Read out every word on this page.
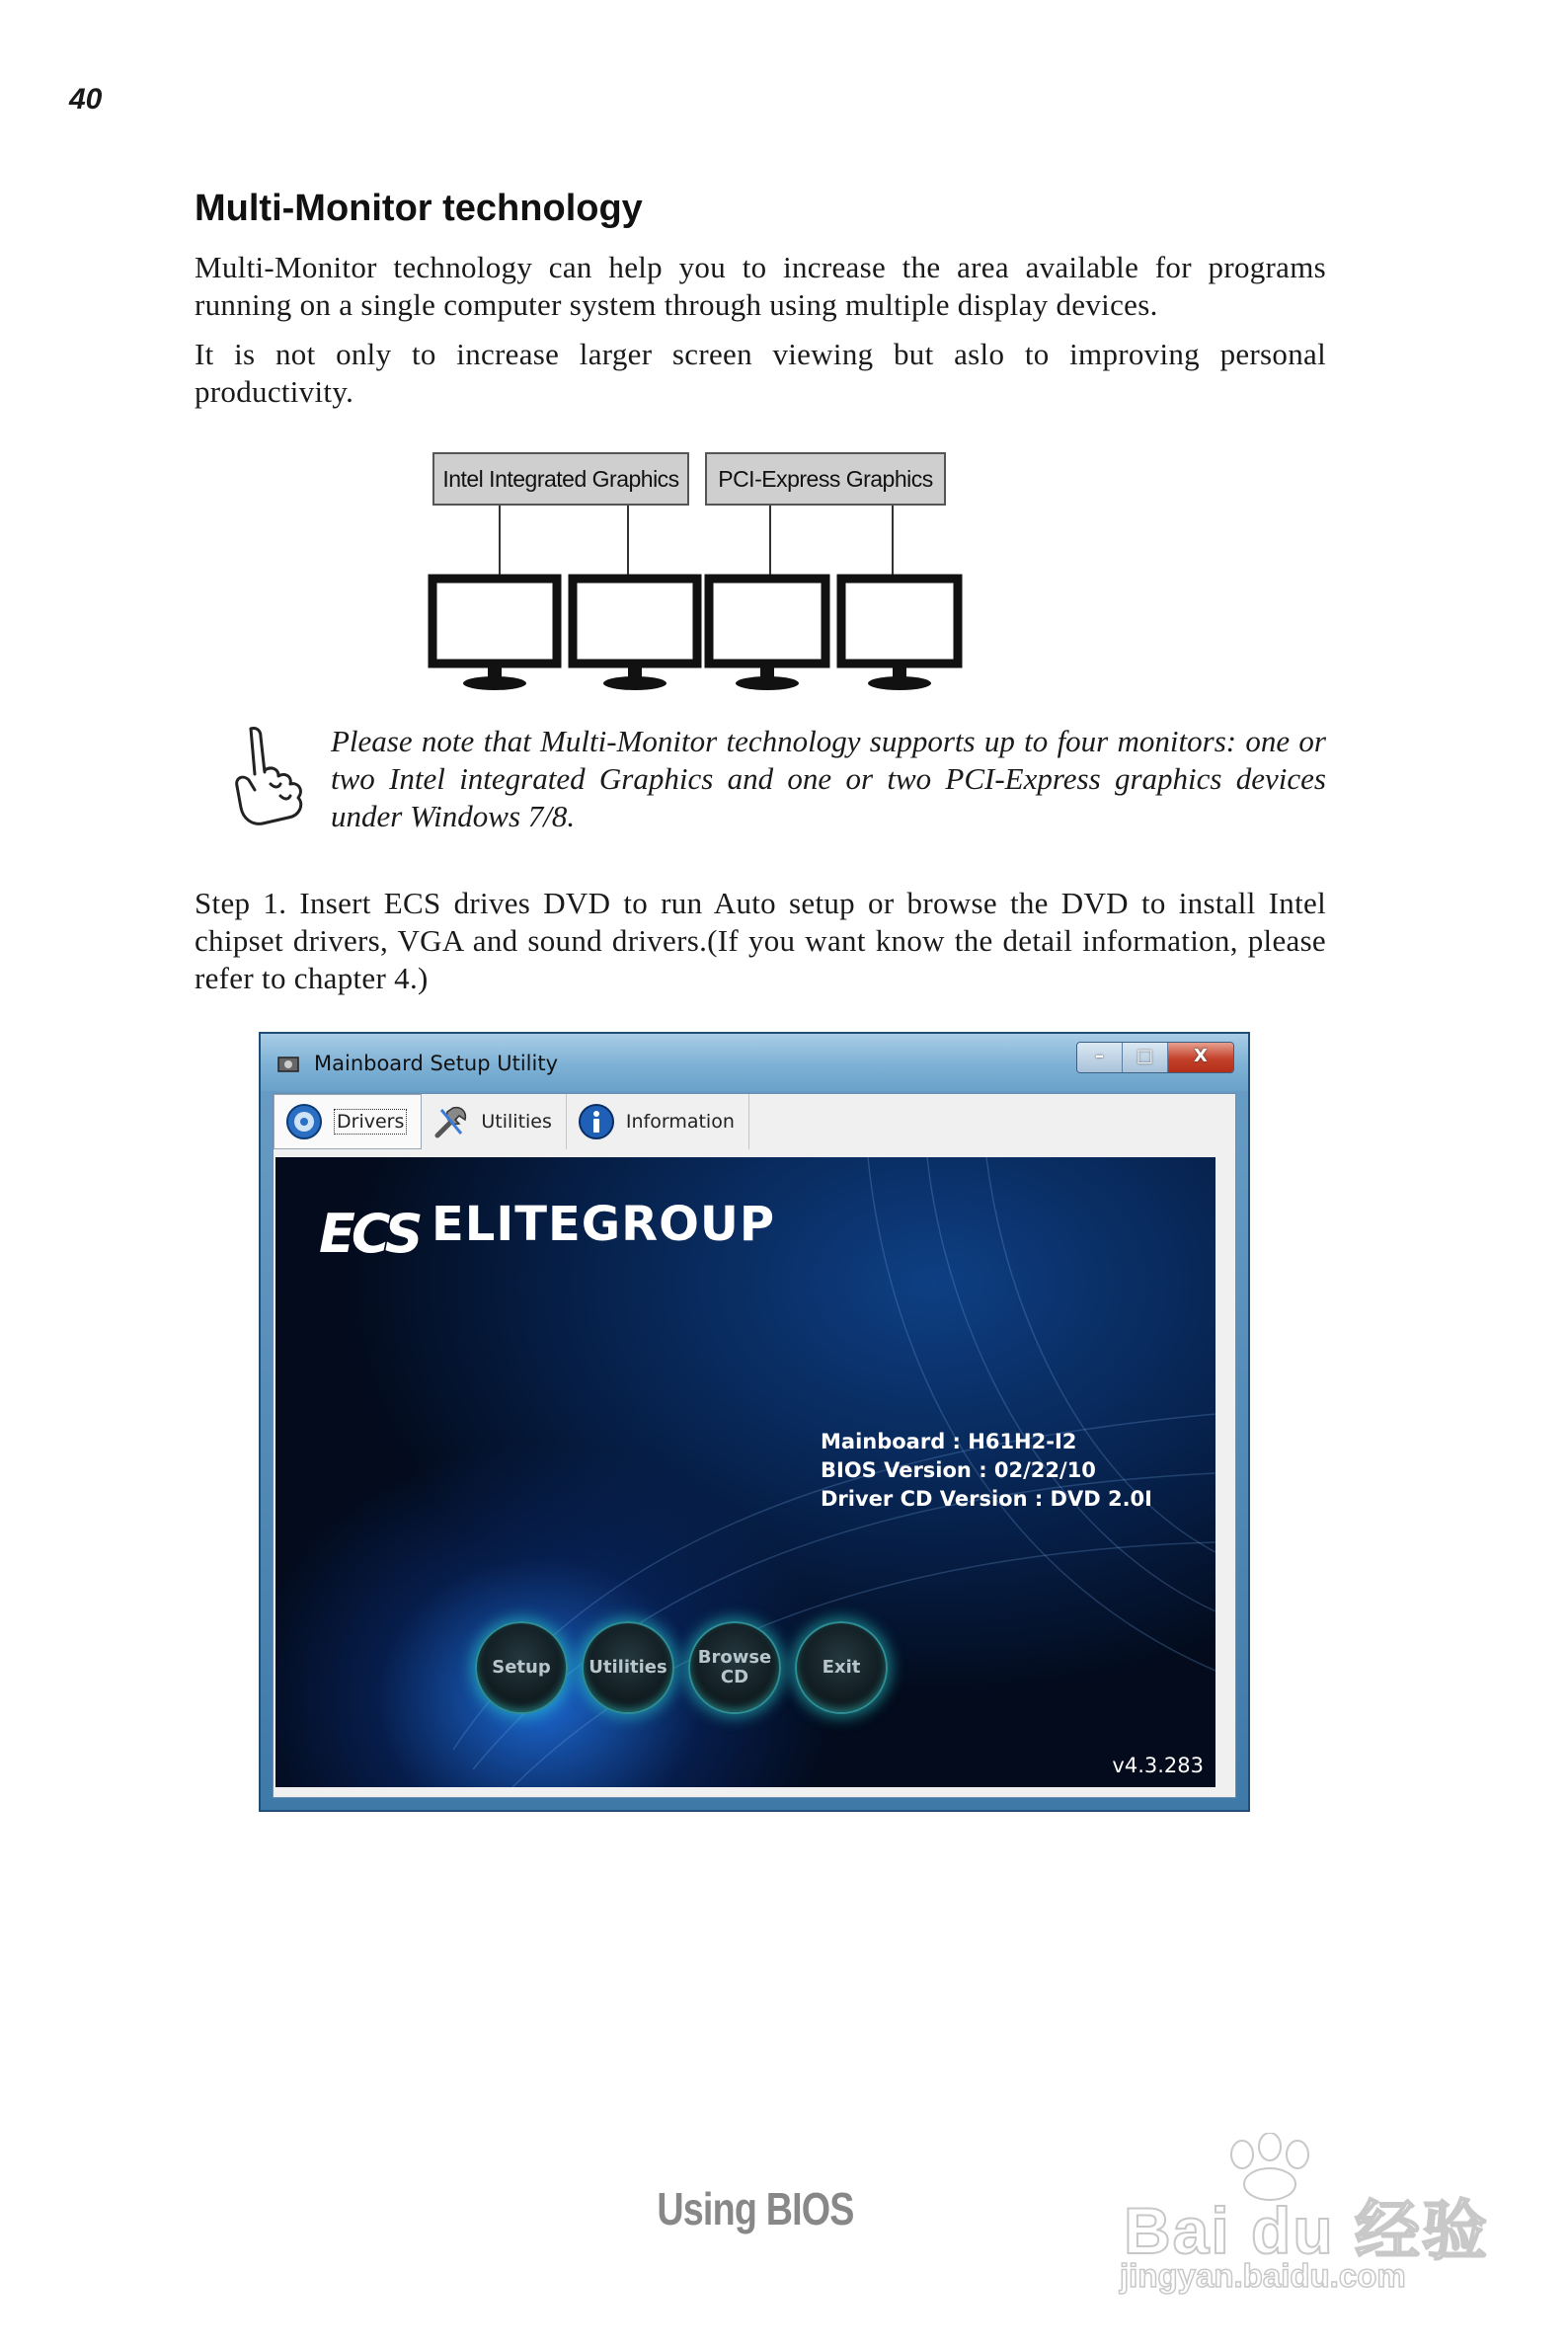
40
Multi-Monitor technology
Multi-Monitor technology can help you to increase the area available for programs running on a single computer system through using multiple display devices.
It is not only to increase larger screen viewing but aslo to improving personal productivity.
Intel Integrated Graphics	PCI-Express Graphics
Please note that Multi-Monitor technology supports up to four monitors: one or two Intel integrated Graphics and one or two PCI-Express graphics devices under Windows 7/8.
Step 1. Insert ECS drives DVD to run Auto setup or browse the DVD to install Intel chipset drivers, VGA and sound drivers.(If you want know the detail information, please refer to chapter 4.)
Mainboard Setup Utility	–	□	X
Drivers	Utilities	Information
ECS ELITEGROUP
Mainboard : H61H2-I2
BIOS Version : 02/22/10
Driver CD Version : DVD 2.0I
Setup	Utilities	Browse CD	Exit
v4.3.283
Using BIOS	Bai du 经验
jingyan.baidu.com
